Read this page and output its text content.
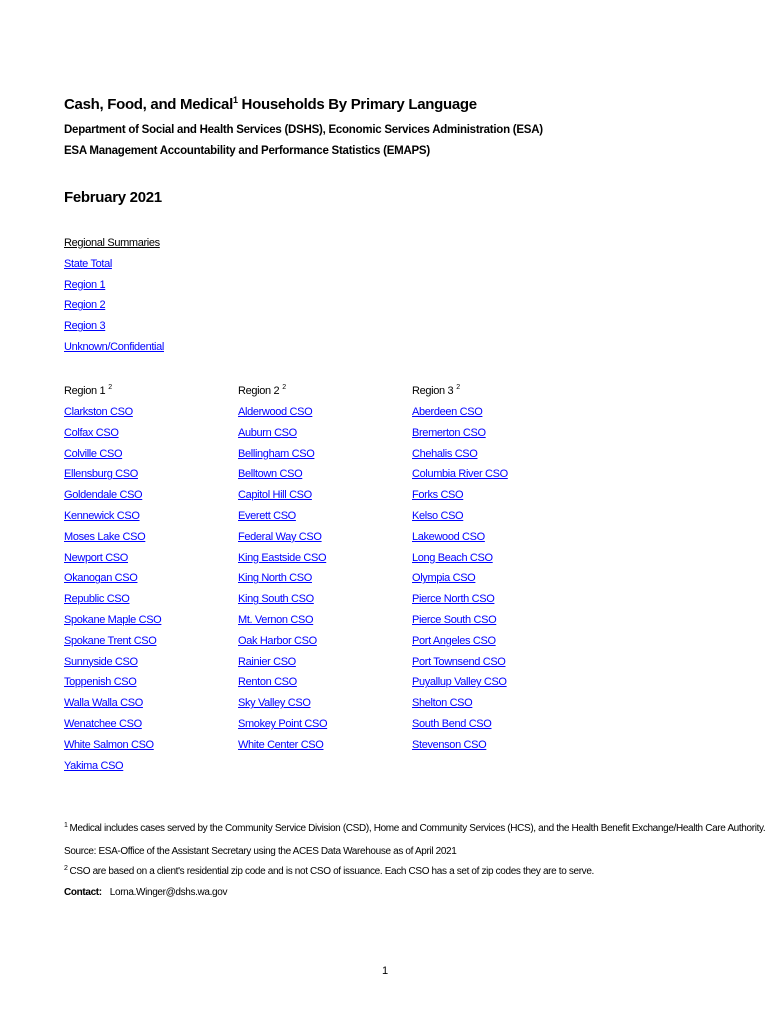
Cash, Food, and Medical$^1$ Households By Primary Language
Department of Social and Health Services (DSHS), Economic Services Administration (ESA)
ESA Management Accountability and Performance Statistics (EMAPS)
February 2021
Regional Summaries
State Total
Region 1
Region 2
Region 3
Unknown/Confidential
Region 1 $^2$
Clarkston CSO
Colfax CSO
Colville CSO
Ellensburg CSO
Goldendale CSO
Kennewick CSO
Moses Lake CSO
Newport CSO
Okanogan CSO
Republic CSO
Spokane Maple CSO
Spokane Trent CSO
Sunnyside CSO
Toppenish CSO
Walla Walla CSO
Wenatchee CSO
White Salmon CSO
Yakima CSO
Region 2 $^2$
Alderwood CSO
Auburn CSO
Bellingham CSO
Belltown CSO
Capitol Hill CSO
Everett CSO
Federal Way CSO
King Eastside CSO
King North CSO
King South CSO
Mt. Vernon CSO
Oak Harbor CSO
Rainier CSO
Renton CSO
Sky Valley CSO
Smokey Point CSO
White Center CSO
Region 3 $^2$
Aberdeen CSO
Bremerton CSO
Chehalis CSO
Columbia River CSO
Forks CSO
Kelso CSO
Lakewood CSO
Long Beach CSO
Olympia CSO
Pierce North CSO
Pierce South CSO
Port Angeles CSO
Port Townsend CSO
Puyallup Valley CSO
Shelton CSO
South Bend CSO
Stevenson CSO
$^1$ Medical includes cases served by the Community Service Division (CSD), Home and Community Services (HCS), and the Health Benefit Exchange/Health Care Authority.
Source: ESA-Office of the Assistant Secretary using the ACES Data Warehouse as of April 2021
$^2$ CSO are based on a client's residential zip code and is not CSO of issuance. Each CSO has a set of zip codes they are to serve.
Contact: Lorna.Winger@dshs.wa.gov
1
